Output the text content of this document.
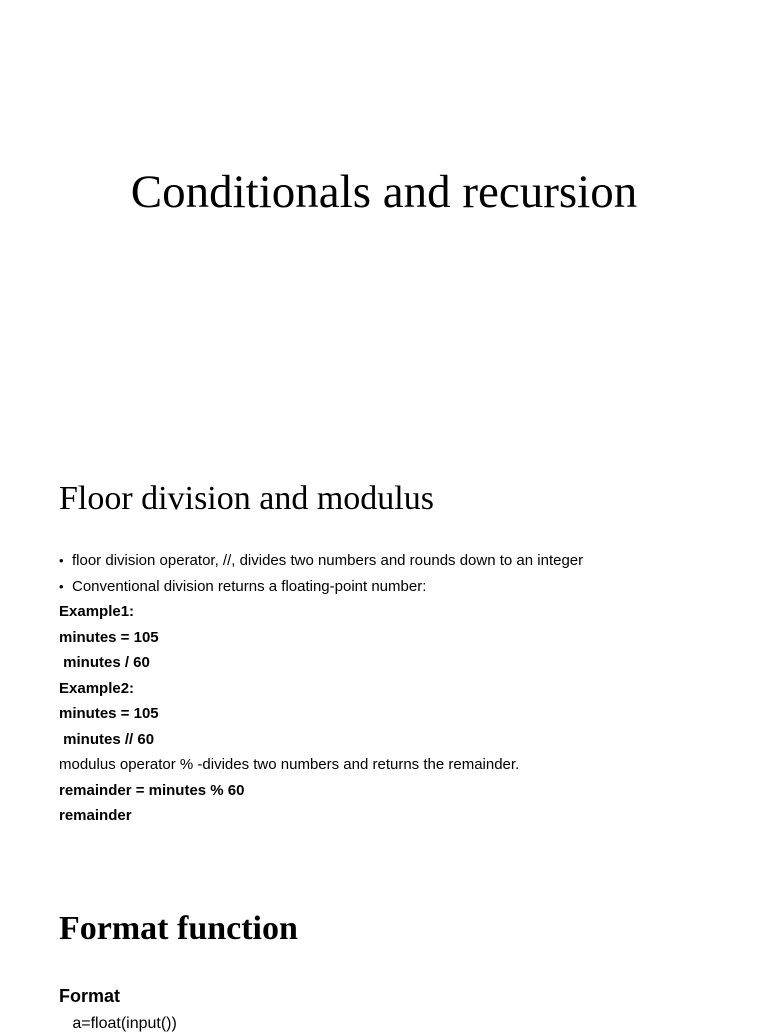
Conditionals and recursion
Floor division and modulus
• floor division operator, //, divides two numbers and rounds down to an integer
• Conventional division returns a floating-point number:
Example1:
minutes = 105
minutes / 60
Example2:
minutes = 105
minutes // 60
modulus operator % -divides two numbers and returns the remainder.
remainder = minutes % 60
remainder
Format function
Format
a=float(input())
